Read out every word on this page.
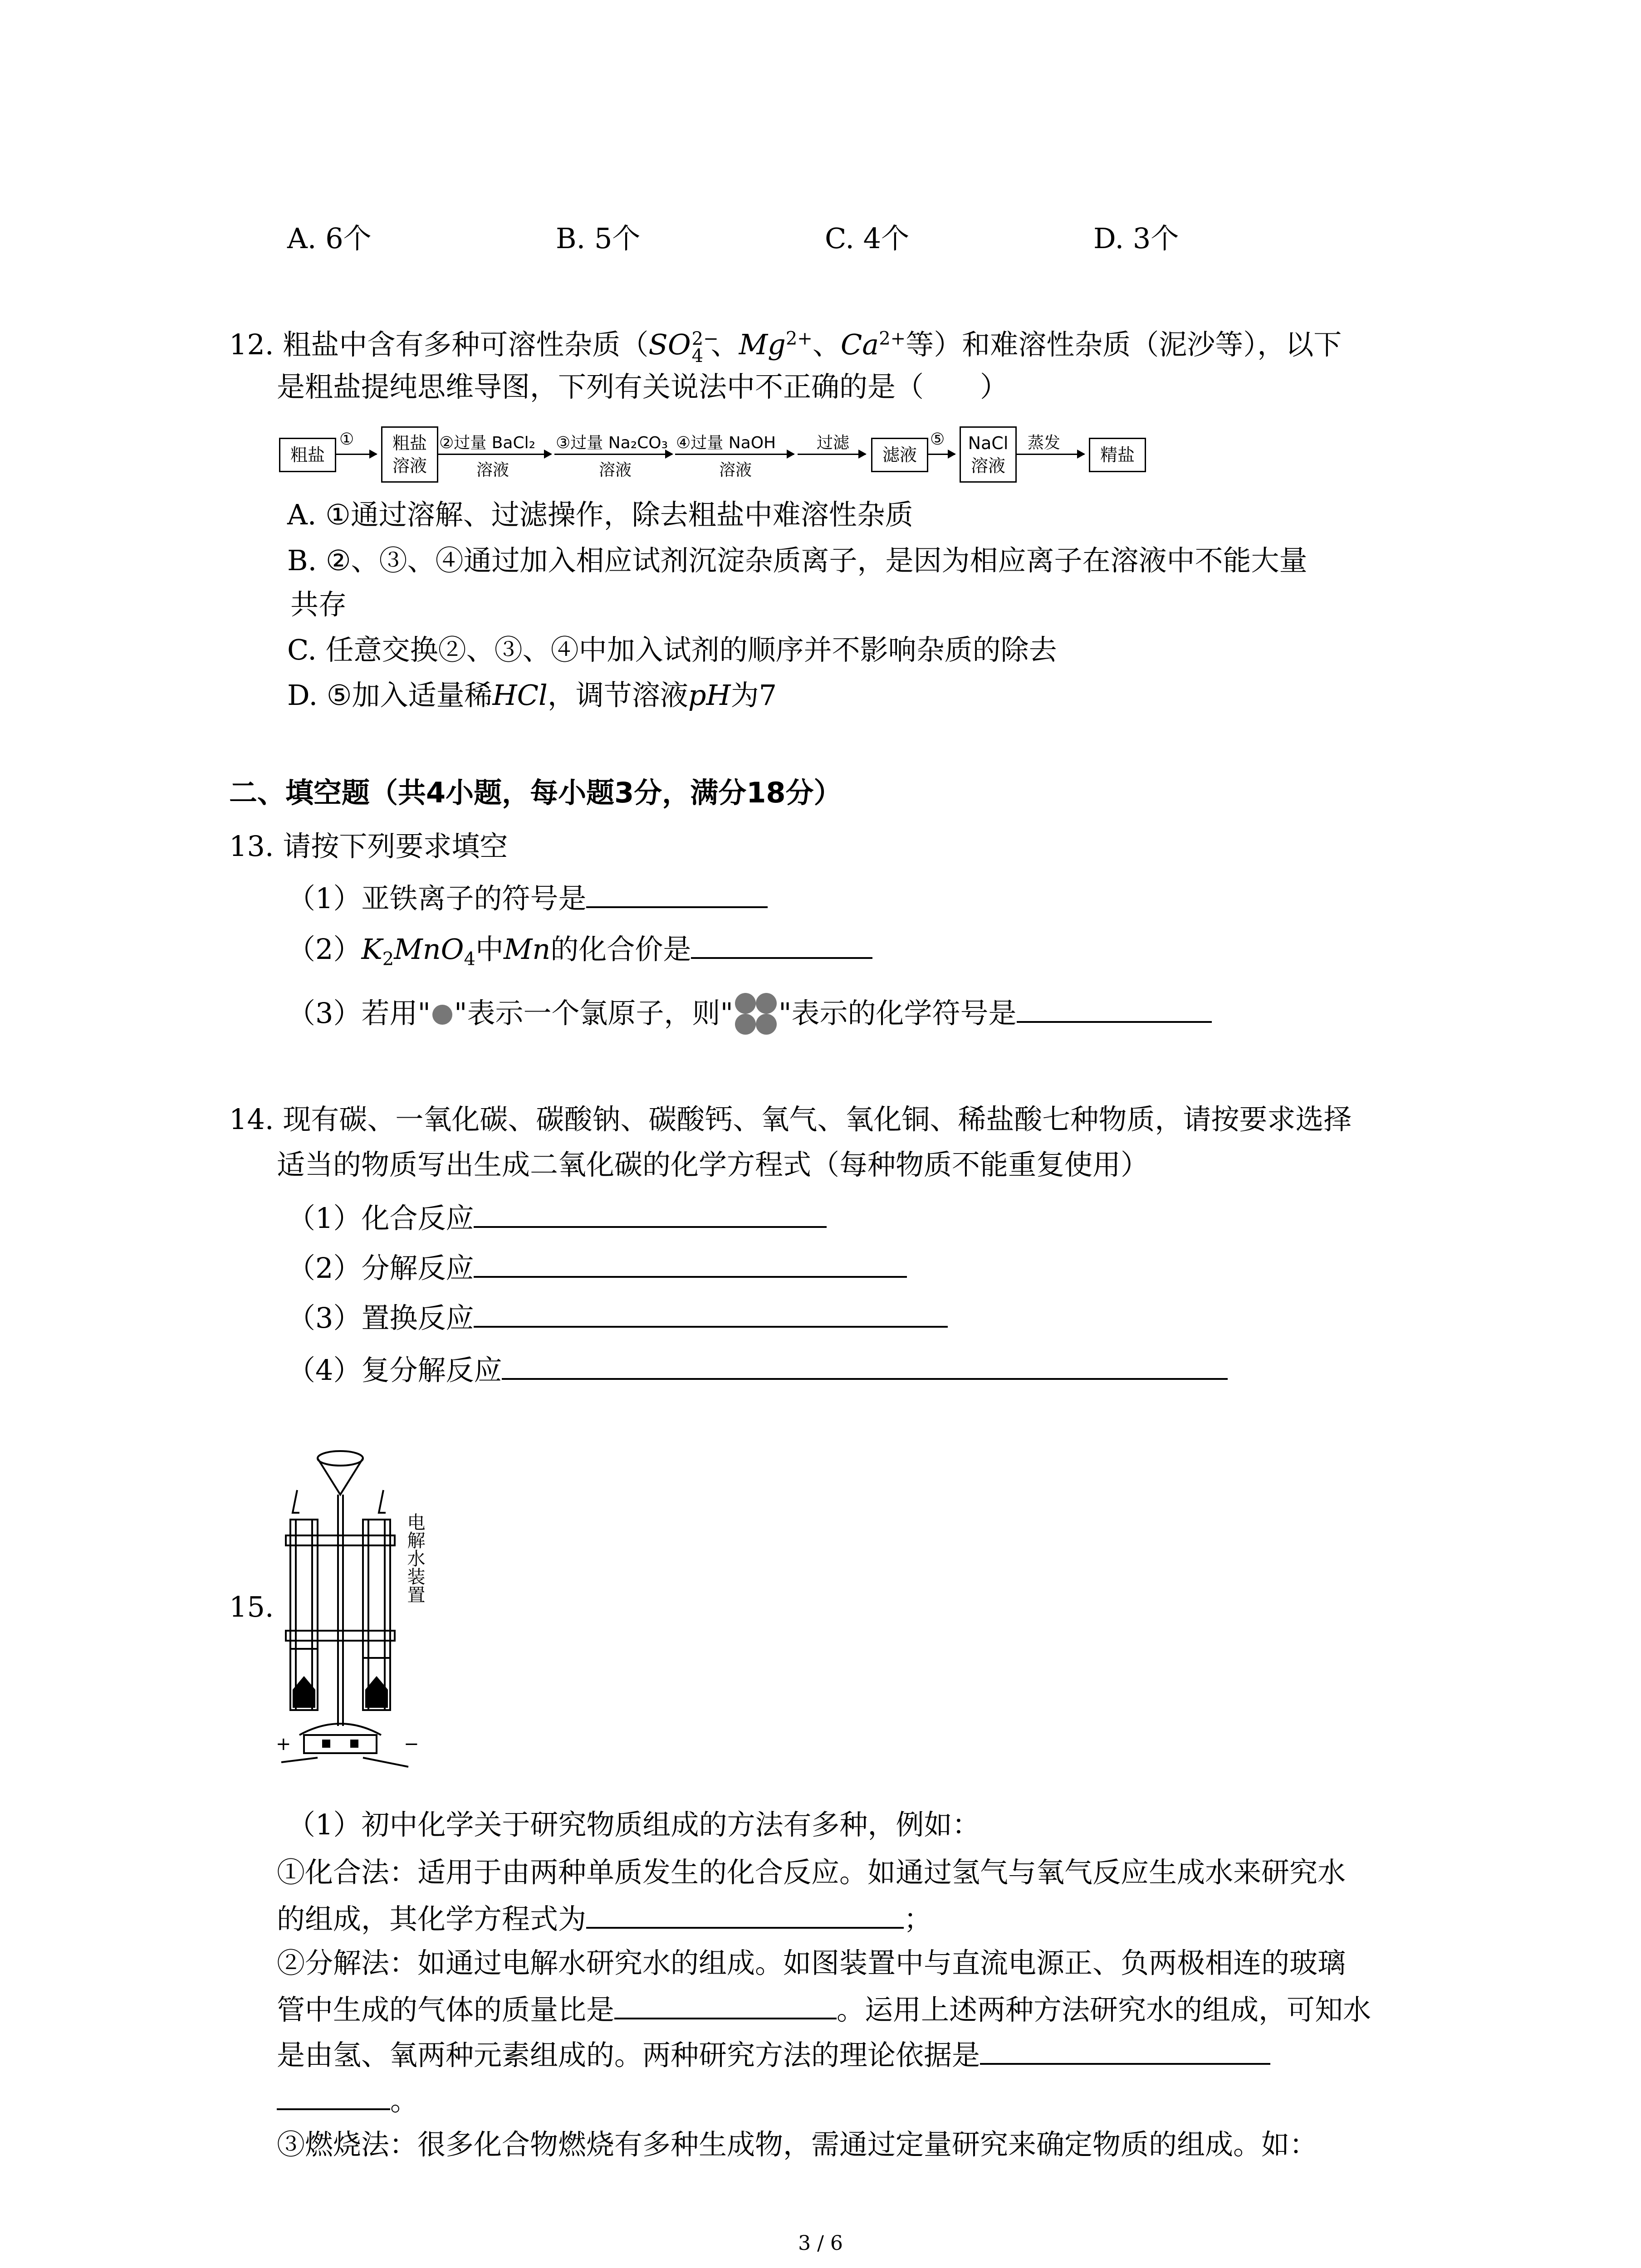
A. 6个	B. 5个	C. 4个	D. 3个
12. 粗盐中含有多种可溶性杂质（SO 2−
4 、$Mg^{2+}$、$Ca^{2+}$等）和难溶性杂质（泥沙等），以下
是粗盐提纯思维导图，下列有关说法中不正确的是（　　）
粗盐
①	粗盐
溶液
②过量 BaCl₂
溶液
③过量 Na₂CO₃
溶液
④过量 NaOH
溶液
过滤
滤液
⑤	NaCl
溶液
蒸发
精盐
A. ①通过溶解、过滤操作，除去粗盐中难溶性杂质
B. ②、③、④通过加入相应试剂沉淀杂质离子，是因为相应离子在溶液中不能大量
共存
C. 任意交换②、③、④中加入试剂的顺序并不影响杂质的除去
D. ⑤加入适量稀HCl，调节溶液pH为7
二、填空题（共4小题，每小题3分，满分18分）
13. 请按下列要求填空
（1）亚铁离子的符号是
$(2)K_2MnO_4$中Mn的化合价是
（3）若用" "表示一个氯原子，则" "表示的化学符号是
14. 现有碳、一氧化碳、碳酸钠、碳酸钙、氧气、氧化铜、稀盐酸七种物质，请按要求选择
适当的物质写出生成二氧化碳的化学方程式（每种物质不能重复使用）
（1）化合反应
（2）分解反应
（3）置换反应
（4）复分解反应
15.
+	−
电解水装置
（1）初中化学关于研究物质组成的方法有多种，例如：
①化合法：适用于由两种单质发生的化合反应。如通过氢气与氧气反应生成水来研究水
的组成，其化学方程式为	；
②分解法：如通过电解水研究水的组成。如图装置中与直流电源正、负两极相连的玻璃
管中生成的气体的质量比是	。运用上述两种方法研究水的组成，可知水
是由氢、氧两种元素组成的。两种研究方法的理论依据是
。
③燃烧法：很多化合物燃烧有多种生成物，需通过定量研究来确定物质的组成。如：
3 / 6
